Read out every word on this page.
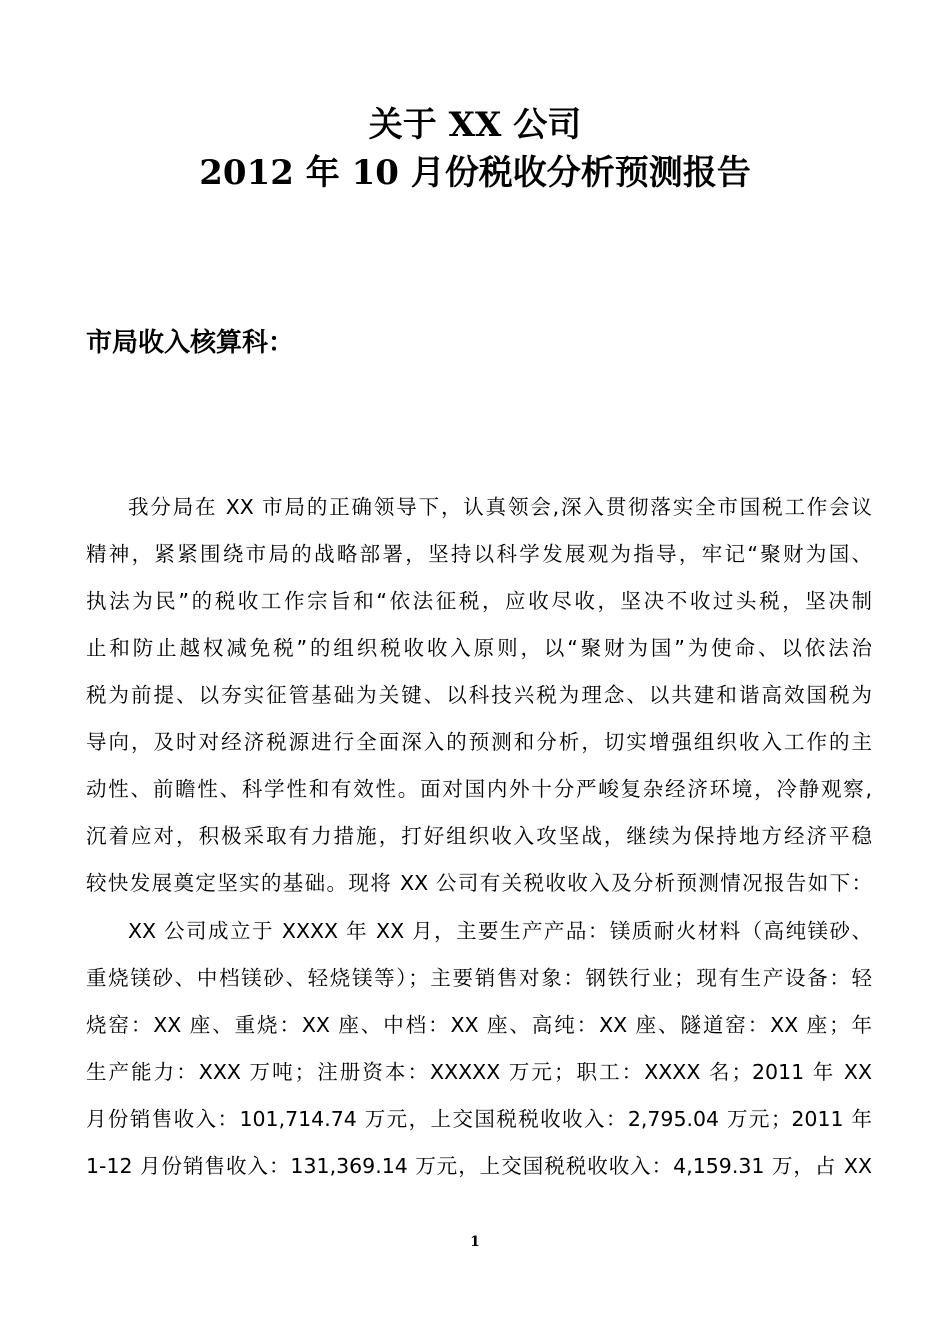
关于 XX 公司
2012 年 10 月份税收分析预测报告
市局收入核算科：
我分局在 XX 市局的正确领导下，认真领会,深入贯彻落实全市国税工作会议
精神，紧紧围绕市局的战略部署，坚持以科学发展观为指导，牢记“聚财为国、
执法为民”的税收工作宗旨和“依法征税，应收尽收，坚决不收过头税，坚决制
止和防止越权减免税”的组织税收收入原则，以“聚财为国”为使命、以依法治
税为前提、以夯实征管基础为关键、以科技兴税为理念、以共建和谐高效国税为
导向，及时对经济税源进行全面深入的预测和分析，切实增强组织收入工作的主
动性、前瞻性、科学性和有效性。面对国内外十分严峻复杂经济环境，冷静观察,
沉着应对，积极采取有力措施，打好组织收入攻坚战，继续为保持地方经济平稳
较快发展奠定坚实的基础。现将 XX 公司有关税收收入及分析预测情况报告如下：
XX 公司成立于 XXXX 年 XX 月，主要生产产品：镁质耐火材料（高纯镁砂、
重烧镁砂、中档镁砂、轻烧镁等）；主要销售对象：钢铁行业；现有生产设备：轻
烧窑：XX 座、重烧：XX 座、中档：XX 座、高纯：XX 座、隧道窑：XX 座；年
生产能力：XXX 万吨；注册资本：XXXXX 万元；职工：XXXX 名；2011 年 XX
月份销售收入：101,714.74 万元，上交国税税收收入：2,795.04 万元；2011 年
1-12 月份销售收入：131,369.14 万元，上交国税税收收入：4,159.31 万，占 XX
1
